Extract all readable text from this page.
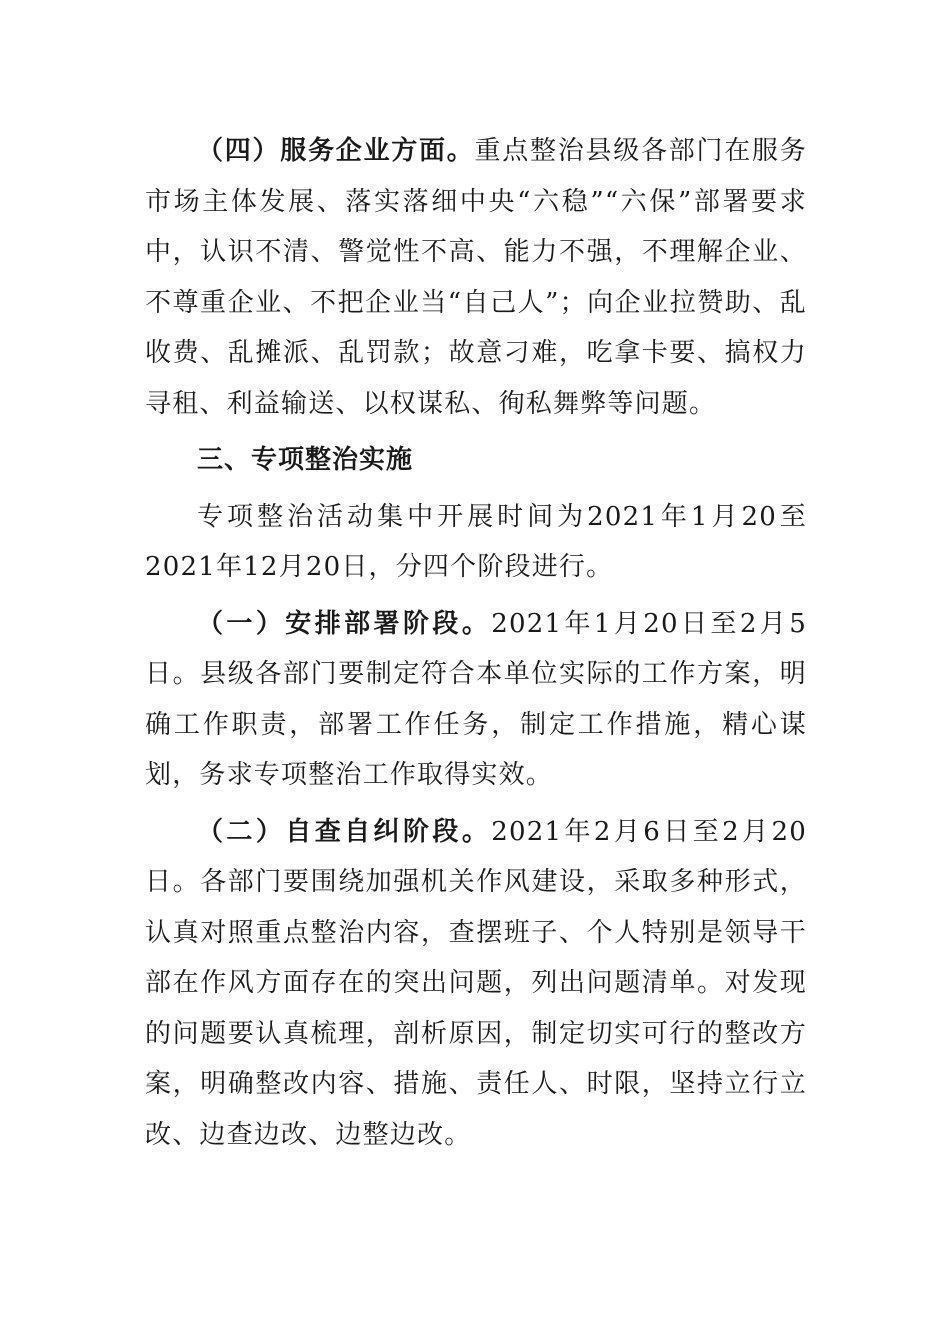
（四）服务企业方面。重点整治县级各部门在服务市场主体发展、落实落细中央“六稳”“六保”部署要求中，认识不清、警觉性不高、能力不强，不理解企业、不尊重企业、不把企业当“自己人”；向企业拉赞助、乱收费、乱摊派、乱罚款；故意刁难，吃拿卡要、搞权力寻租、利益输送、以权谋私、徇私舞弊等问题。

三、专项整治实施

专项整治活动集中开展时间为2021年1月20至2021年12月20日，分四个阶段进行。

（一）安排部署阶段。2021年1月20日至2月5日。县级各部门要制定符合本单位实际的工作方案，明确工作职责，部署工作任务，制定工作措施，精心谋划，务求专项整治工作取得实效。

（二）自查自纠阶段。2021年2月6日至2月20日。各部门要围绕加强机关作风建设，采取多种形式，认真对照重点整治内容，查摆班子、个人特别是领导干部在作风方面存在的突出问题，列出问题清单。对发现的问题要认真梳理，剖析原因，制定切实可行的整改方案，明确整改内容、措施、责任人、时限，坚持立行立改、边查边改、边整边改。
